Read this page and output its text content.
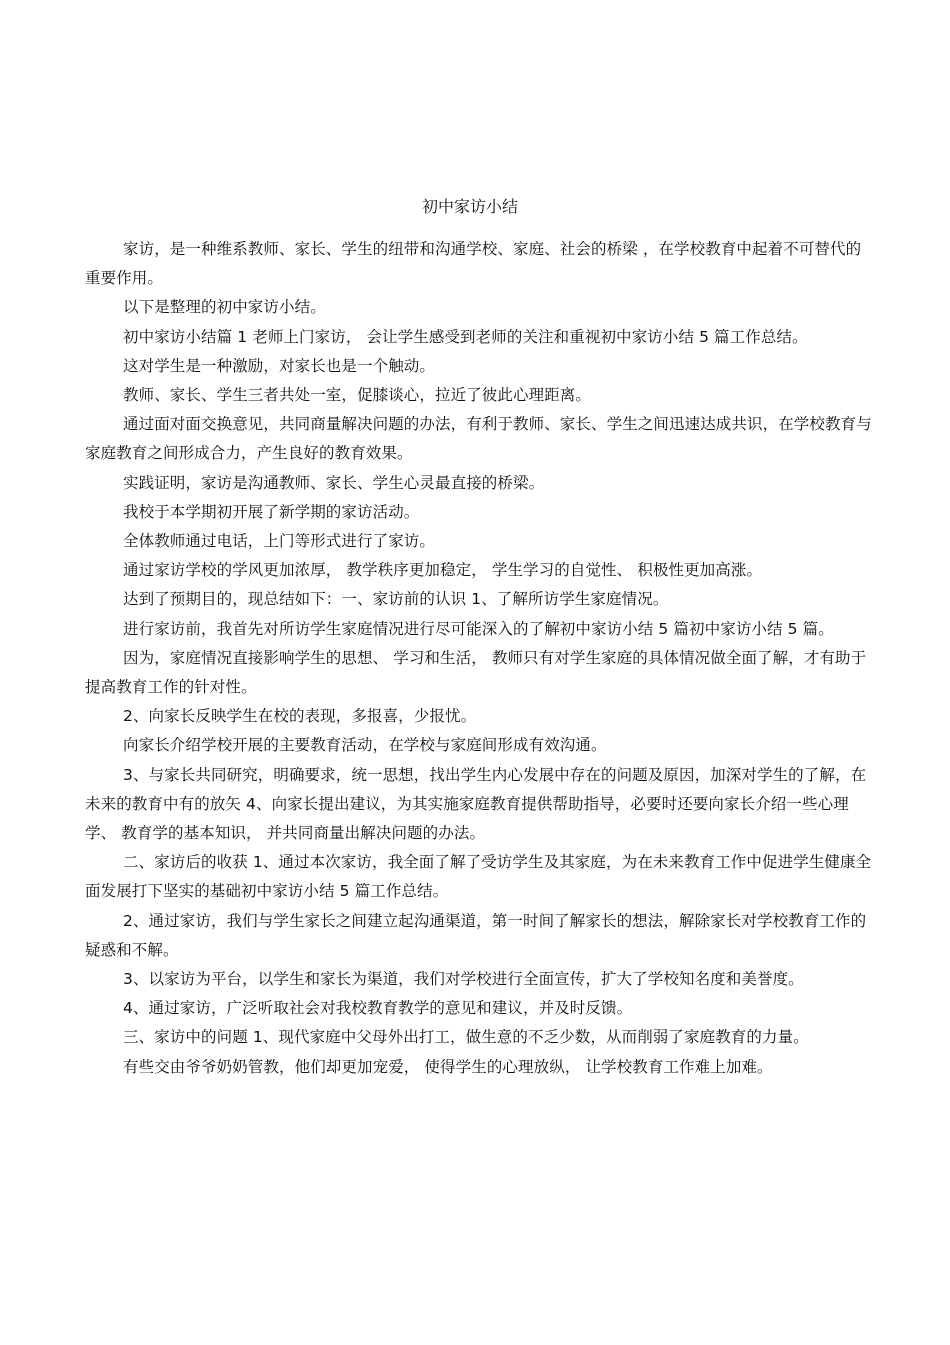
初中家访小结

家访，是一种维系教师、家长、学生的纽带和沟通学校、家庭、社会的桥梁 ，在学校教育中起着不可替代的重要作用。

以下是整理的初中家访小结。

初中家访小结篇 1 老师上门家访， 会让学生感受到老师的关注和重视初中家访小结 5 篇工作总结。

这对学生是一种激励，对家长也是一个触动。

教师、家长、学生三者共处一室，促膝谈心，拉近了彼此心理距离。

通过面对面交换意见，共同商量解决问题的办法，有利于教师、家长、学生之间迅速达成共识，在学校教育与家庭教育之间形成合力，产生良好的教育效果。

实践证明，家访是沟通教师、家长、学生心灵最直接的桥梁。

我校于本学期初开展了新学期的家访活动。

全体教师通过电话，上门等形式进行了家访。

通过家访学校的学风更加浓厚， 教学秩序更加稳定， 学生学习的自觉性、 积极性更加高涨。

达到了预期目的，现总结如下：一、家访前的认识 1、了解所访学生家庭情况。

进行家访前，我首先对所访学生家庭情况进行尽可能深入的了解初中家访小结 5 篇初中家访小结 5 篇。

因为，家庭情况直接影响学生的思想、 学习和生活， 教师只有对学生家庭的具体情况做全面了解，才有助于提高教育工作的针对性。

2、向家长反映学生在校的表现，多报喜，少报忧。

向家长介绍学校开展的主要教育活动，在学校与家庭间形成有效沟通。

3、与家长共同研究，明确要求，统一思想，找出学生内心发展中存在的问题及原因，加深对学生的了解，在未来的教育中有的放矢 4、向家长提出建议，为其实施家庭教育提供帮助指导，必要时还要向家长介绍一些心理学、 教育学的基本知识， 并共同商量出解决问题的办法。

二、家访后的收获 1、通过本次家访，我全面了解了受访学生及其家庭，为在未来教育工作中促进学生健康全面发展打下坚实的基础初中家访小结 5 篇工作总结。

2、通过家访，我们与学生家长之间建立起沟通渠道，第一时间了解家长的想法，解除家长对学校教育工作的疑惑和不解。

3、以家访为平台，以学生和家长为渠道，我们对学校进行全面宣传，扩大了学校知名度和美誉度。

4、通过家访，广泛听取社会对我校教育教学的意见和建议，并及时反馈。

三、家访中的问题 1、现代家庭中父母外出打工，做生意的不乏少数，从而削弱了家庭教育的力量。

有些交由爷爷奶奶管教，他们却更加宠爱， 使得学生的心理放纵， 让学校教育工作难上加难。
